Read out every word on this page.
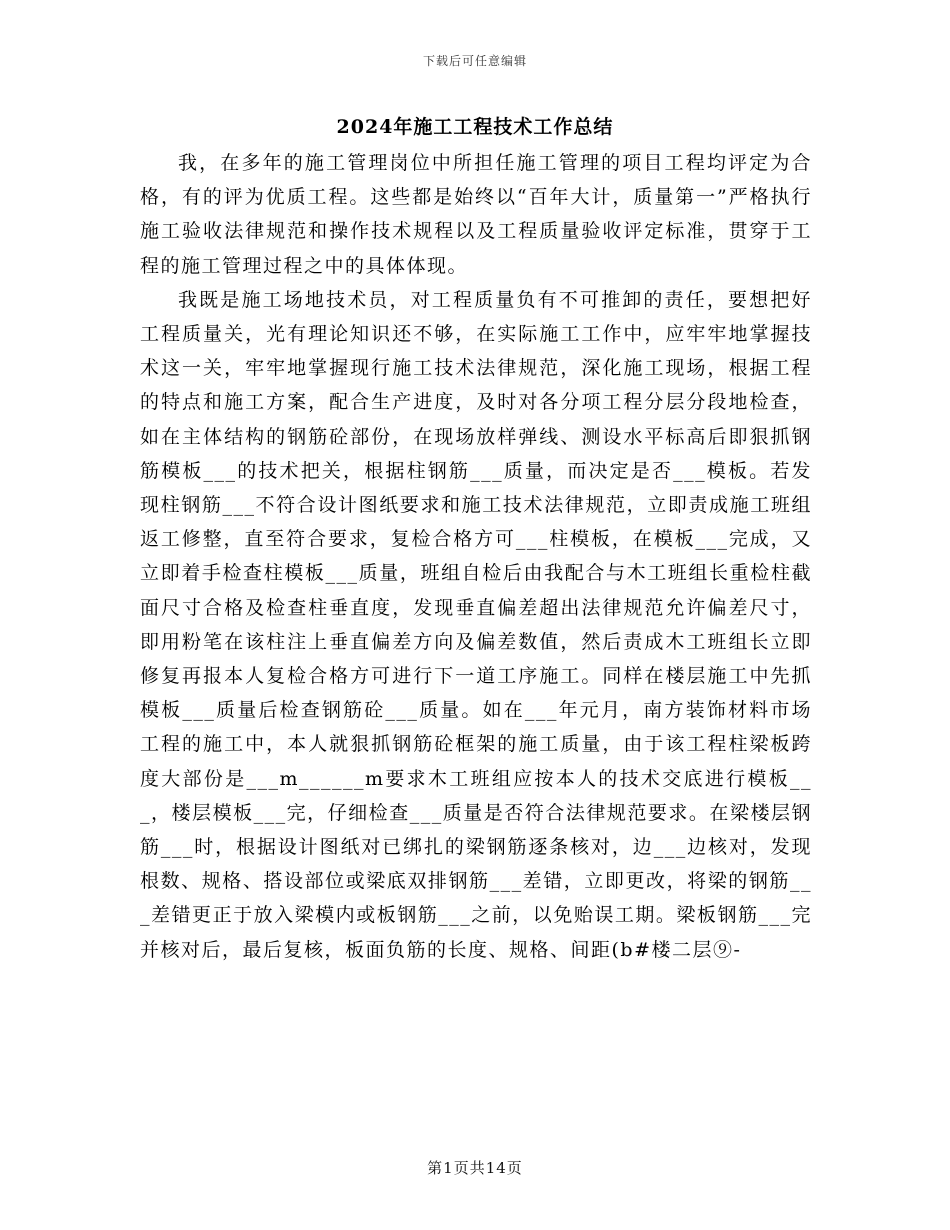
下载后可任意编辑
2024年施工工程技术工作总结

我，在多年的施工管理岗位中所担任施工管理的项目工程均评定为合格，有的评为优质工程。这些都是始终以“百年大计，质量第一”严格执行施工验收法律规范和操作技术规程以及工程质量验收评定标准，贯穿于工程的施工管理过程之中的具体体现。

我既是施工场地技术员，对工程质量负有不可推卸的责任，要想把好工程质量关，光有理论知识还不够，在实际施工工作中，应牢牢地掌握技术这一关，牢牢地掌握现行施工技术法律规范，深化施工现场，根据工程的特点和施工方案，配合生产进度，及时对各分项工程分层分段地检查，如在主体结构的钢筋砼部份，在现场放样弹线、测设水平标高后即狠抓钢筋模板___的技术把关，根据柱钢筋___质量，而决定是否___模板。若发现柱钢筋___不符合设计图纸要求和施工技术法律规范，立即责成施工班组返工修整，直至符合要求，复检合格方可___柱模板，在模板___完成，又立即着手检查柱模板___质量，班组自检后由我配合与木工班组长重检柱截面尺寸合格及检查柱垂直度，发现垂直偏差超出法律规范允许偏差尺寸，即用粉笔在该柱注上垂直偏差方向及偏差数值，然后责成木工班组长立即修复再报本人复检合格方可进行下一道工序施工。同样在楼层施工中先抓模板___质量后检查钢筋砼___质量。如在___年元月，南方装饰材料市场工程的施工中，本人就狠抓钢筋砼框架的施工质量，由于该工程柱梁板跨度大部份是___m______m要求木工班组应按本人的技术交底进行模板___，楼层模板___完，仔细检查___质量是否符合法律规范要求。在梁楼层钢筋___时，根据设计图纸对已绑扎的梁钢筋逐条核对，边___边核对，发现根数、规格、搭设部位或梁底双排钢筋___差错，立即更改，将梁的钢筋___差错更正于放入梁模内或板钢筋___之前，以免贻误工期。梁板钢筋___完并核对后，最后复核，板面负筋的长度、规格、间距(b#楼二层⑨-

第1页共14页
